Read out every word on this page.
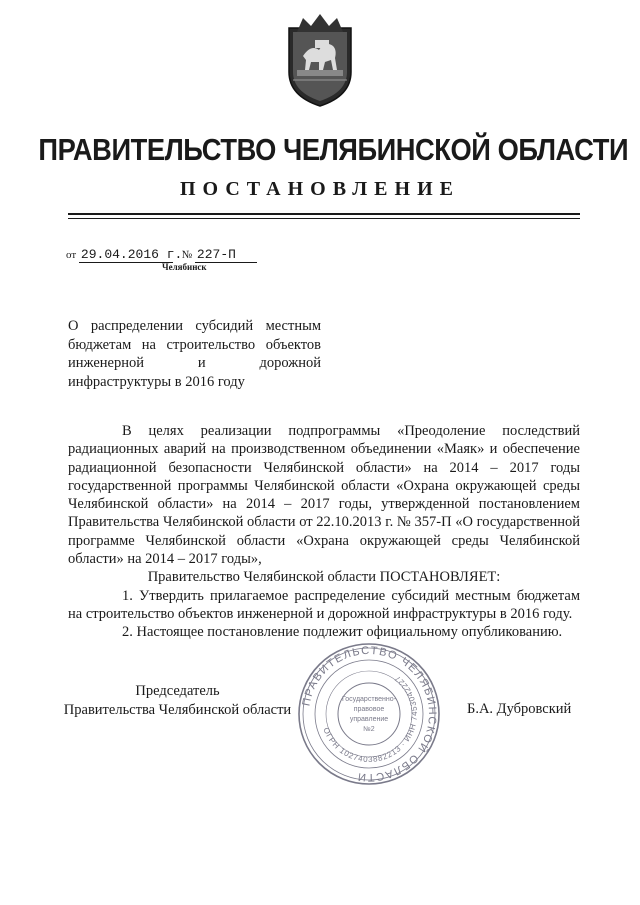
ПРАВИТЕЛЬСТВО ЧЕЛЯБИНСКОЙ ОБЛАСТИ
ПОСТАНОВЛЕНИЕ
от 29.04.2016 г. № 227-П
Челябинск
О распределении субсидий местным бюджетам на строительство объектов инженерной и дорожной инфраструктуры в 2016 году

В целях реализации подпрограммы «Преодоление последствий радиационных аварий на производственном объединении «Маяк» и обеспечение радиационной безопасности Челябинской области» на 2014 – 2017 годы государственной программы Челябинской области «Охрана окружающей среды Челябинской области» на 2014 – 2017 годы, утвержденной постановлением Правительства Челябинской области от 22.10.2013 г. № 357-П «О государственной программе Челябинской области «Охрана окружающей среды Челябинской области» на 2014 – 2017 годы»,

Правительство Челябинской области ПОСТАНОВЛЯЕТ:

1. Утвердить прилагаемое распределение субсидий местным бюджетам на строительство объектов инженерной и дорожной инфраструктуры в 2016 году.

2. Настоящее постановление подлежит официальному опубликованию.

Председатель
Правительства Челябинской области	Б.А. Дубровский
ПРАВИТЕЛЬСТВО ЧЕЛЯБИНСКОЙ ОБЛАСТИ
ОГРН 1027403882213 · ИНН 7453042227
Государственно-
правовое
управление
№2
